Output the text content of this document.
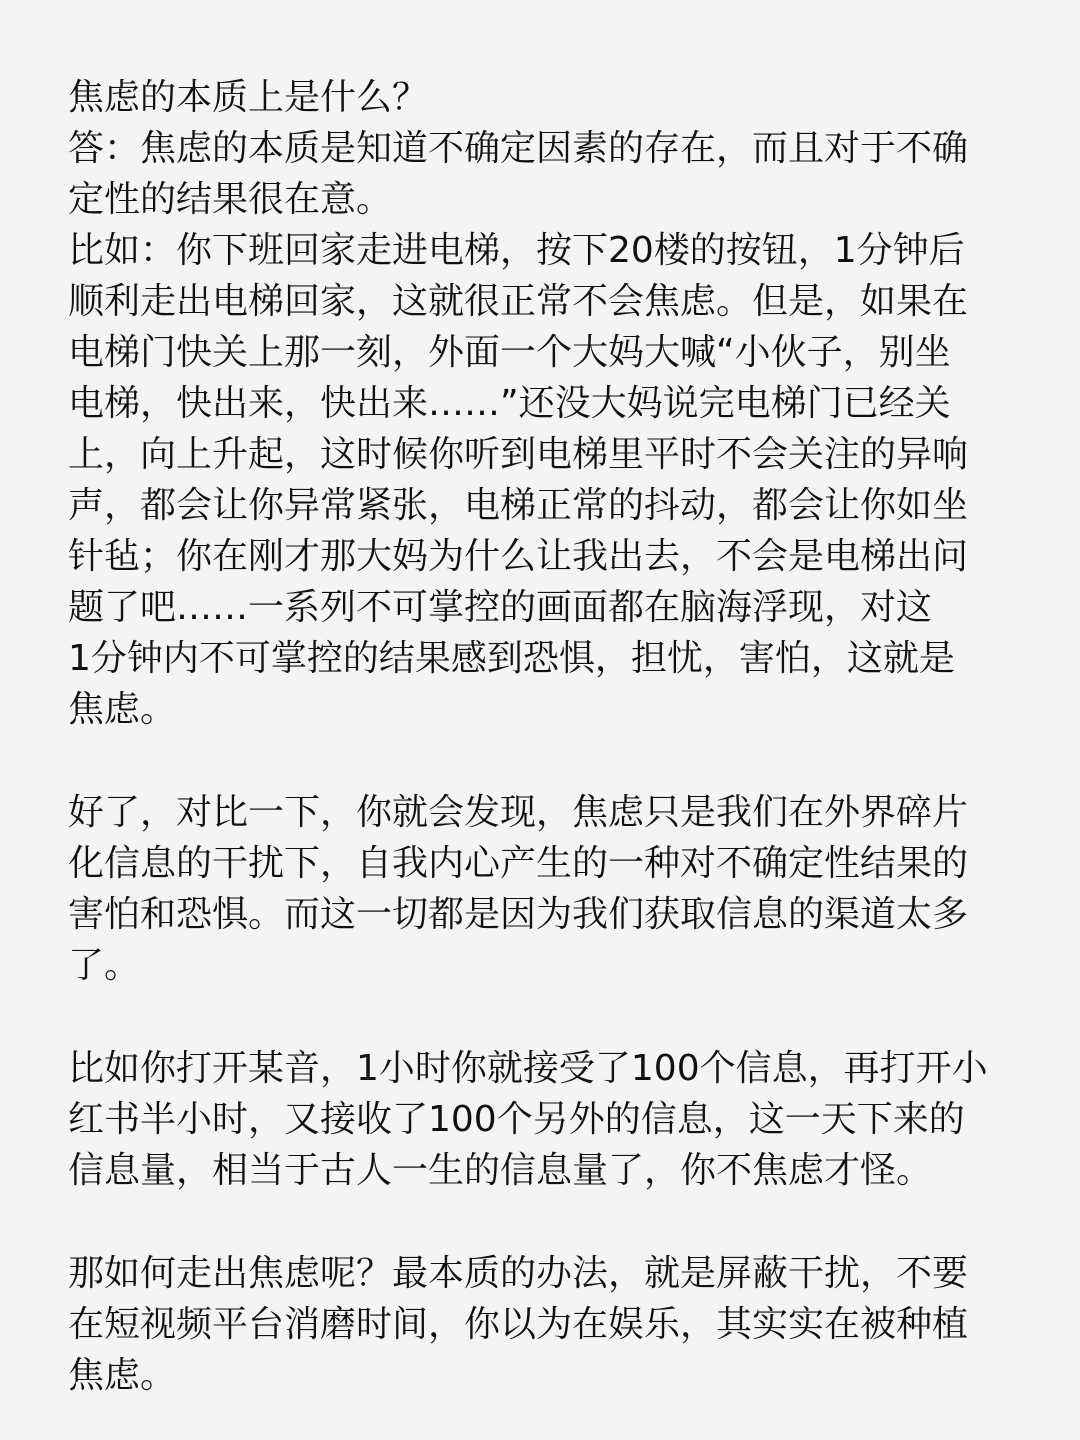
焦虑的本质上是什么？
答：焦虑的本质是知道不确定因素的存在，而且对于不确
定性的结果很在意。
比如：你下班回家走进电梯，按下20楼的按钮，1分钟后
顺利走出电梯回家，这就很正常不会焦虑。但是，如果在
电梯门快关上那一刻，外面一个大妈大喊“小伙子，别坐
电梯，快出来，快出来……”还没大妈说完电梯门已经关
上，向上升起，这时候你听到电梯里平时不会关注的异响
声，都会让你异常紧张，电梯正常的抖动，都会让你如坐
针毡；你在刚才那大妈为什么让我出去，不会是电梯出问
题了吧……一系列不可掌控的画面都在脑海浮现，对这
1分钟内不可掌控的结果感到恐惧，担忧，害怕，这就是
焦虑。
好了，对比一下，你就会发现，焦虑只是我们在外界碎片
化信息的干扰下，自我内心产生的一种对不确定性结果的
害怕和恐惧。而这一切都是因为我们获取信息的渠道太多
了。
比如你打开某音，1小时你就接受了100个信息，再打开小
红书半小时，又接收了100个另外的信息，这一天下来的
信息量，相当于古人一生的信息量了，你不焦虑才怪。
那如何走出焦虑呢？最本质的办法，就是屏蔽干扰，不要
在短视频平台消磨时间，你以为在娱乐，其实实在被种植
焦虑。
